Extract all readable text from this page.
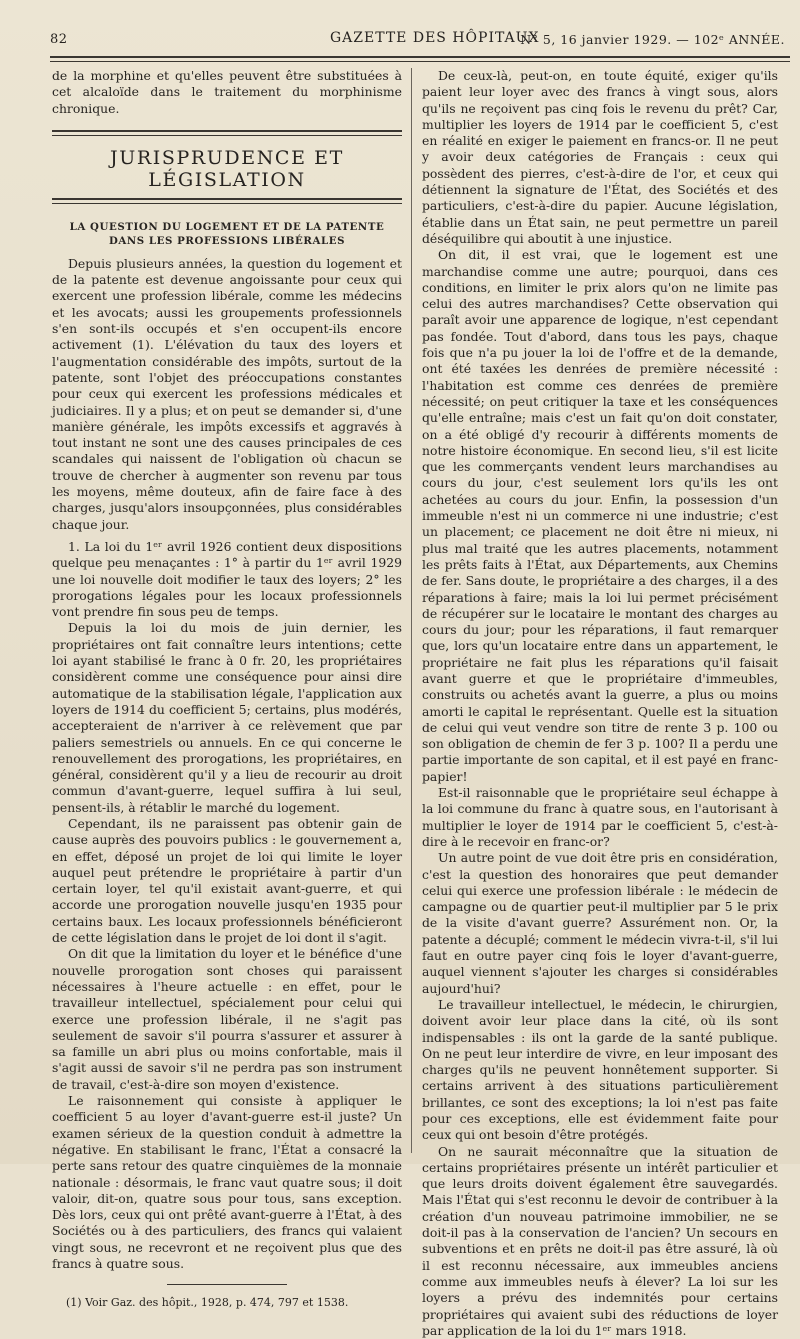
82	GAZETTE DES HÔPITAUX
N° 5, 16 janvier 1929. — 102ᵉ ANNÉE.

de la morphine et qu'elles peuvent être substituées à cet alcaloïde dans le traitement du morphinisme chronique.

JURISPRUDENCE ET LÉGISLATION
LA QUESTION DU LOGEMENT ET DE LA PATENTE DANS LES PROFESSIONS LIBÉRALES

Depuis plusieurs années, la question du logement et de la patente est devenue angoissante pour ceux qui exercent une profession libérale, comme les médecins et les avocats; aussi les groupements professionnels s'en sont-ils occupés et s'en occupent-ils encore activement (1). L'élévation du taux des loyers et l'augmentation considérable des impôts, surtout de la patente, sont l'objet des préoccupations constantes pour ceux qui exercent les professions médicales et judiciaires. Il y a plus; et on peut se demander si, d'une manière générale, les impôts excessifs et aggravés à tout instant ne sont une des causes principales de ces scandales qui naissent de l'obligation où chacun se trouve de chercher à augmenter son revenu par tous les moyens, même douteux, afin de faire face à des charges, jusqu'alors insoupçonnées, plus considérables chaque jour.

1. La loi du 1ᵉʳ avril 1926 contient deux dispositions quelque peu menaçantes : 1° à partir du 1ᵉʳ avril 1929 une loi nouvelle doit modifier le taux des loyers; 2° les prorogations légales pour les locaux professionnels vont prendre fin sous peu de temps.

Depuis la loi du mois de juin dernier, les propriétaires ont fait connaître leurs intentions; cette loi ayant stabilisé le franc à 0 fr. 20, les propriétaires considèrent comme une conséquence pour ainsi dire automatique de la stabilisation légale, l'application aux loyers de 1914 du coefficient 5; certains, plus modérés, accepteraient de n'arriver à ce relèvement que par paliers semestriels ou annuels. En ce qui concerne le renouvellement des prorogations, les propriétaires, en général, considèrent qu'il y a lieu de recourir au droit commun d'avant-guerre, lequel suffira à lui seul, pensent-ils, à rétablir le marché du logement.

Cependant, ils ne paraissent pas obtenir gain de cause auprès des pouvoirs publics : le gouvernement a, en effet, déposé un projet de loi qui limite le loyer auquel peut prétendre le propriétaire à partir d'un certain loyer, tel qu'il existait avant-guerre, et qui accorde une prorogation nouvelle jusqu'en 1935 pour certains baux. Les locaux professionnels bénéficieront de cette législation dans le projet de loi dont il s'agit.

On dit que la limitation du loyer et le bénéfice d'une nouvelle prorogation sont choses qui paraissent nécessaires à l'heure actuelle : en effet, pour le travailleur intellectuel, spécialement pour celui qui exerce une profession libérale, il ne s'agit pas seulement de savoir s'il pourra s'assurer et assurer à sa famille un abri plus ou moins confortable, mais il s'agit aussi de savoir s'il ne perdra pas son instrument de travail, c'est-à-dire son moyen d'existence.

Le raisonnement qui consiste à appliquer le coefficient 5 au loyer d'avant-guerre est-il juste? Un examen sérieux de la question conduit à admettre la négative. En stabilisant le franc, l'État a consacré la perte sans retour des quatre cinquièmes de la monnaie nationale : désormais, le franc vaut quatre sous; il doit valoir, dit-on, quatre sous pour tous, sans exception. Dès lors, ceux qui ont prêté avant-guerre à l'État, à des Sociétés ou à des particuliers, des francs qui valaient vingt sous, ne recevront et ne reçoivent plus que des francs à quatre sous.

(1) Voir Gaz. des hôpit., 1928, p. 474, 797 et 1538.

De ceux-là, peut-on, en toute équité, exiger qu'ils paient leur loyer avec des francs à vingt sous, alors qu'ils ne reçoivent pas cinq fois le revenu du prêt? Car, multiplier les loyers de 1914 par le coefficient 5, c'est en réalité en exiger le paiement en francs-or. Il ne peut y avoir deux catégories de Français : ceux qui possèdent des pierres, c'est-à-dire de l'or, et ceux qui détiennent la signature de l'État, des Sociétés et des particuliers, c'est-à-dire du papier. Aucune législation, établie dans un État sain, ne peut permettre un pareil déséquilibre qui aboutit à une injustice.

On dit, il est vrai, que le logement est une marchandise comme une autre; pourquoi, dans ces conditions, en limiter le prix alors qu'on ne limite pas celui des autres marchandises? Cette observation qui paraît avoir une apparence de logique, n'est cependant pas fondée. Tout d'abord, dans tous les pays, chaque fois que n'a pu jouer la loi de l'offre et de la demande, ont été taxées les denrées de première nécessité : l'habitation est comme ces denrées de première nécessité; on peut critiquer la taxe et les conséquences qu'elle entraîne; mais c'est un fait qu'on doit constater, on a été obligé d'y recourir à différents moments de notre histoire économique. En second lieu, s'il est licite que les commerçants vendent leurs marchandises au cours du jour, c'est seulement lors qu'ils les ont achetées au cours du jour. Enfin, la possession d'un immeuble n'est ni un commerce ni une industrie; c'est un placement; ce placement ne doit être ni mieux, ni plus mal traité que les autres placements, notamment les prêts faits à l'État, aux Départements, aux Chemins de fer. Sans doute, le propriétaire a des charges, il a des réparations à faire; mais la loi lui permet précisément de récupérer sur le locataire le montant des charges au cours du jour; pour les réparations, il faut remarquer que, lors qu'un locataire entre dans un appartement, le propriétaire ne fait plus les réparations qu'il faisait avant guerre et que le propriétaire d'immeubles, construits ou achetés avant la guerre, a plus ou moins amorti le capital le représentant. Quelle est la situation de celui qui veut vendre son titre de rente 3 p. 100 ou son obligation de chemin de fer 3 p. 100? Il a perdu une partie importante de son capital, et il est payé en franc-papier!

Est-il raisonnable que le propriétaire seul échappe à la loi commune du franc à quatre sous, en l'autorisant à multiplier le loyer de 1914 par le coefficient 5, c'est-à-dire à le recevoir en franc-or?

Un autre point de vue doit être pris en considération, c'est la question des honoraires que peut demander celui qui exerce une profession libérale : le médecin de campagne ou de quartier peut-il multiplier par 5 le prix de la visite d'avant guerre? Assurément non. Or, la patente a décuplé; comment le médecin vivra-t-il, s'il lui faut en outre payer cinq fois le loyer d'avant-guerre, auquel viennent s'ajouter les charges si considérables aujourd'hui?

Le travailleur intellectuel, le médecin, le chirurgien, doivent avoir leur place dans la cité, où ils sont indispensables : ils ont la garde de la santé publique. On ne peut leur interdire de vivre, en leur imposant des charges qu'ils ne peuvent honnêtement supporter. Si certains arrivent à des situations particulièrement brillantes, ce sont des exceptions; la loi n'est pas faite pour ces exceptions, elle est évidemment faite pour ceux qui ont besoin d'être protégés.

On ne saurait méconnaître que la situation de certains propriétaires présente un intérêt particulier et que leurs droits doivent également être sauvegardés. Mais l'État qui s'est reconnu le devoir de contribuer à la création d'un nouveau patrimoine immobilier, ne se doit-il pas à la conservation de l'ancien? Un secours en subventions et en prêts ne doit-il pas être assuré, là où il est reconnu nécessaire, aux immeubles anciens comme aux immeubles neufs à élever? La loi sur les loyers a prévu des indemnités pour certains propriétaires qui avaient subi des réductions de loyer par application de la loi du 1ᵉʳ mars 1918.
